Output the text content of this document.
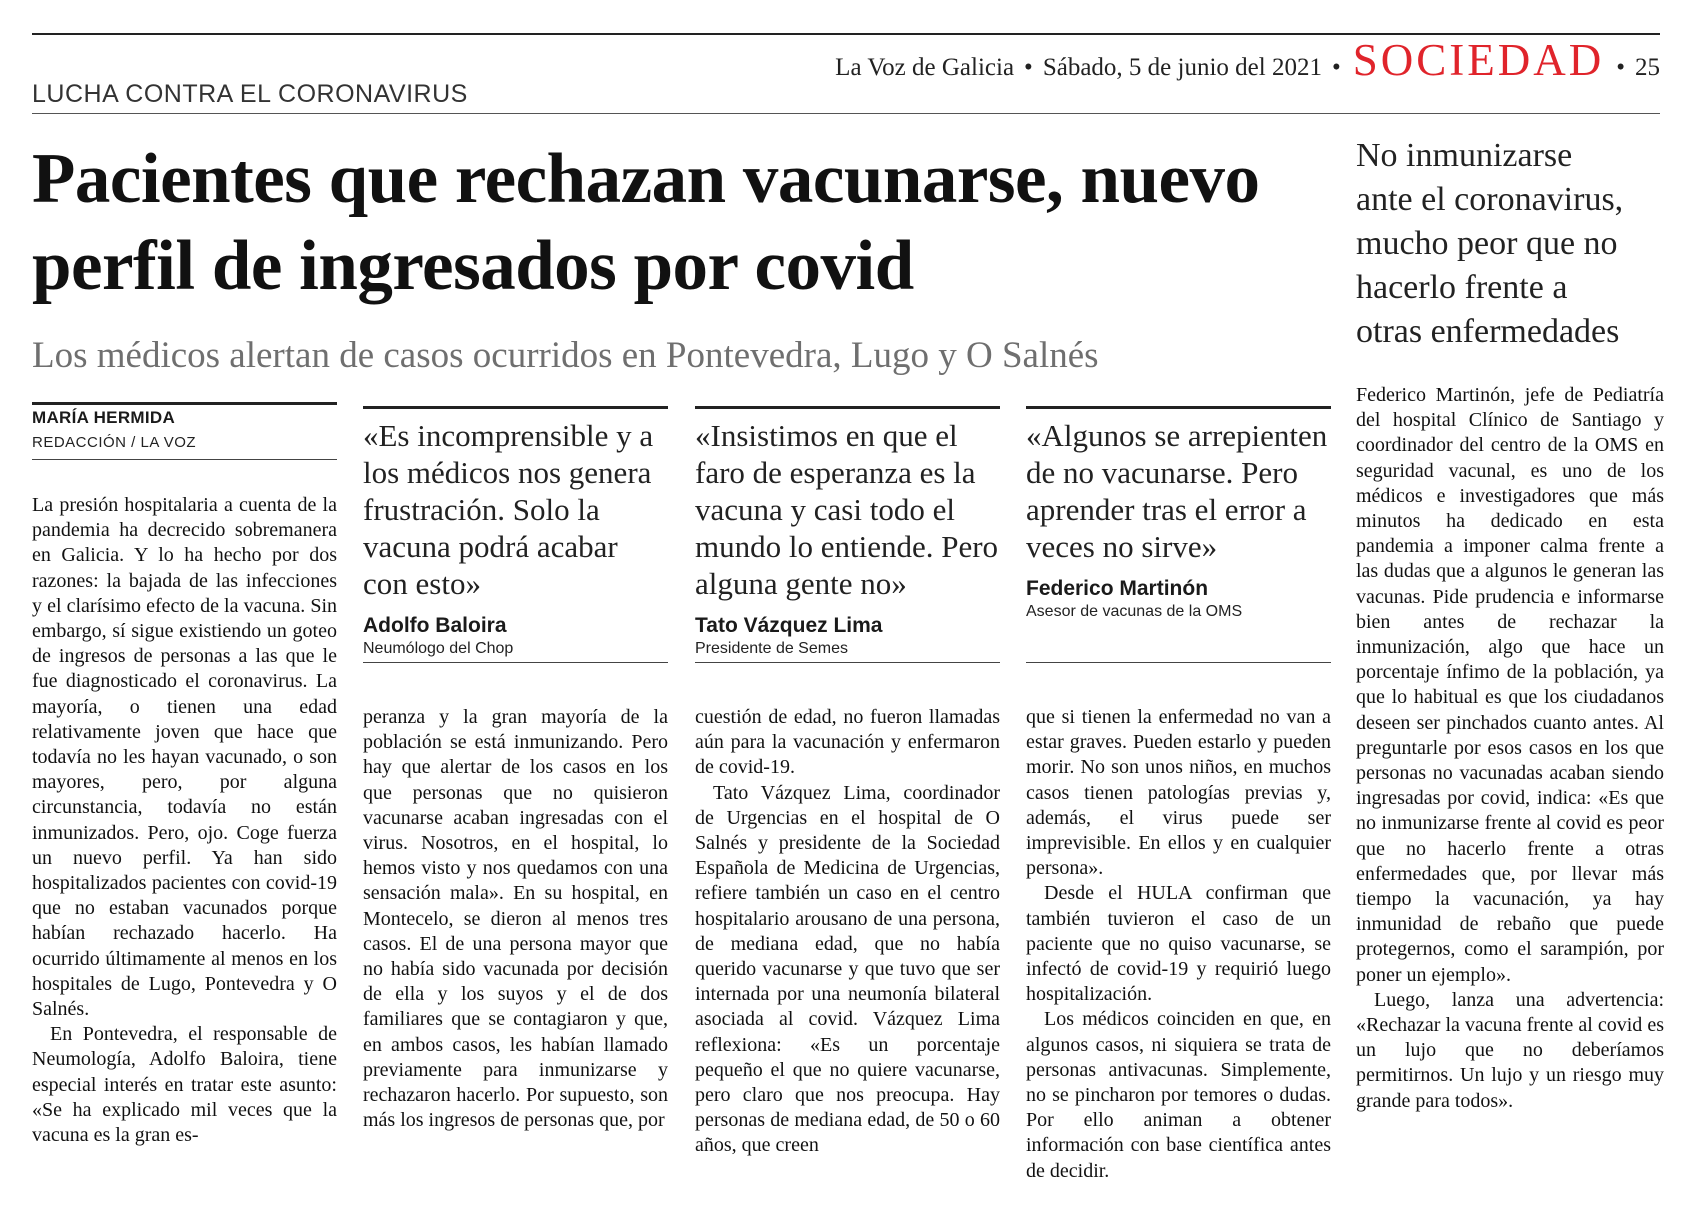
La Voz de Galicia • Sábado, 5 de junio del 2021 • SOCIEDAD • 25
LUCHA CONTRA EL CORONAVIRUS
Pacientes que rechazan vacunarse, nuevo perfil de ingresados por covid
Los médicos alertan de casos ocurridos en Pontevedra, Lugo y O Salnés

No inmunizarse

ante el coronavirus,

mucho peor que no

hacerlo frente a

otras enfermedades

MARÍA HERMIDA
REDACCIÓN / LA VOZ	«Es incomprensible y a los médicos nos genera frustración. Solo la vacuna podrá acabar con esto»

Adolfo Baloira
Neumólogo del Chop

«Insistimos en que el faro de esperanza es la vacuna y casi todo el mundo lo entiende. Pero alguna gente no»

Tato Vázquez Lima
Presidente de Semes

«Algunos se arrepienten de no vacunarse. Pero aprender tras el error a veces no sirve»

Federico Martinón
Asesor de vacunas de la OMS

La presión hospitalaria a cuenta de la pandemia ha decrecido sobremanera en Galicia. Y lo ha hecho por dos razones: la bajada de las infecciones y el clarísimo efecto de la vacuna. Sin embargo, sí sigue existiendo un goteo de ingresos de personas a las que le fue diagnosticado el coronavirus. La mayoría, o tienen una edad relativamente joven que hace que todavía no les hayan vacunado, o son mayores, pero, por alguna circunstancia, todavía no están inmunizados. Pero, ojo. Coge fuerza un nuevo perfil. Ya han sido hospitalizados pacientes con covid-19 que no estaban vacunados porque habían rechazado hacerlo. Ha ocurrido últimamente al menos en los hospitales de Lugo, Pontevedra y O Salnés.

En Pontevedra, el responsable de Neumología, Adolfo Baloira, tiene especial interés en tratar este asunto: «Se ha explicado mil veces que la vacuna es la gran es-

peranza y la gran mayoría de la población se está inmunizando. Pero hay que alertar de los casos en los que personas que no quisieron vacunarse acaban ingresadas con el virus. Nosotros, en el hospital, lo hemos visto y nos quedamos con una sensación mala». En su hospital, en Montecelo, se dieron al menos tres casos. El de una persona mayor que no había sido vacunada por decisión de ella y los suyos y el de dos familiares que se contagiaron y que, en ambos casos, les habían llamado previamente para inmunizarse y rechazaron hacerlo. Por supuesto, son más los ingresos de personas que, por

cuestión de edad, no fueron llamadas aún para la vacunación y enfermaron de covid-19.

Tato Vázquez Lima, coordinador de Urgencias en el hospital de O Salnés y presidente de la Sociedad Española de Medicina de Urgencias, refiere también un caso en el centro hospitalario arousano de una persona, de mediana edad, que no había querido vacunarse y que tuvo que ser internada por una neumonía bilateral asociada al covid. Vázquez Lima reflexiona: «Es un porcentaje pequeño el que no quiere vacunarse, pero claro que nos preocupa. Hay personas de mediana edad, de 50 o 60 años, que creen

que si tienen la enfermedad no van a estar graves. Pueden estarlo y pueden morir. No son unos niños, en muchos casos tienen patologías previas y, además, el virus puede ser imprevisible. En ellos y en cualquier persona».

Desde el HULA confirman que también tuvieron el caso de un paciente que no quiso vacunarse, se infectó de covid-19 y requirió luego hospitalización.

Los médicos coinciden en que, en algunos casos, ni siquiera se trata de personas antivacunas. Simplemente, no se pincharon por temores o dudas. Por ello animan a obtener información con base científica antes de decidir.

Federico Martinón, jefe de Pediatría del hospital Clínico de Santiago y coordinador del centro de la OMS en seguridad vacunal, es uno de los médicos e investigadores que más minutos ha dedicado en esta pandemia a imponer calma frente a las dudas que a algunos le generan las vacunas. Pide prudencia e informarse bien antes de rechazar la inmunización, algo que hace un porcentaje ínfimo de la población, ya que lo habitual es que los ciudadanos deseen ser pinchados cuanto antes. Al preguntarle por esos casos en los que personas no vacunadas acaban siendo ingresadas por covid, indica: «Es que no inmunizarse frente al covid es peor que no hacerlo frente a otras enfermedades que, por llevar más tiempo la vacunación, ya hay inmunidad de rebaño que puede protegernos, como el sarampión, por poner un ejemplo».

Luego, lanza una advertencia: «Rechazar la vacuna frente al covid es un lujo que no deberíamos permitirnos. Un lujo y un riesgo muy grande para todos».
